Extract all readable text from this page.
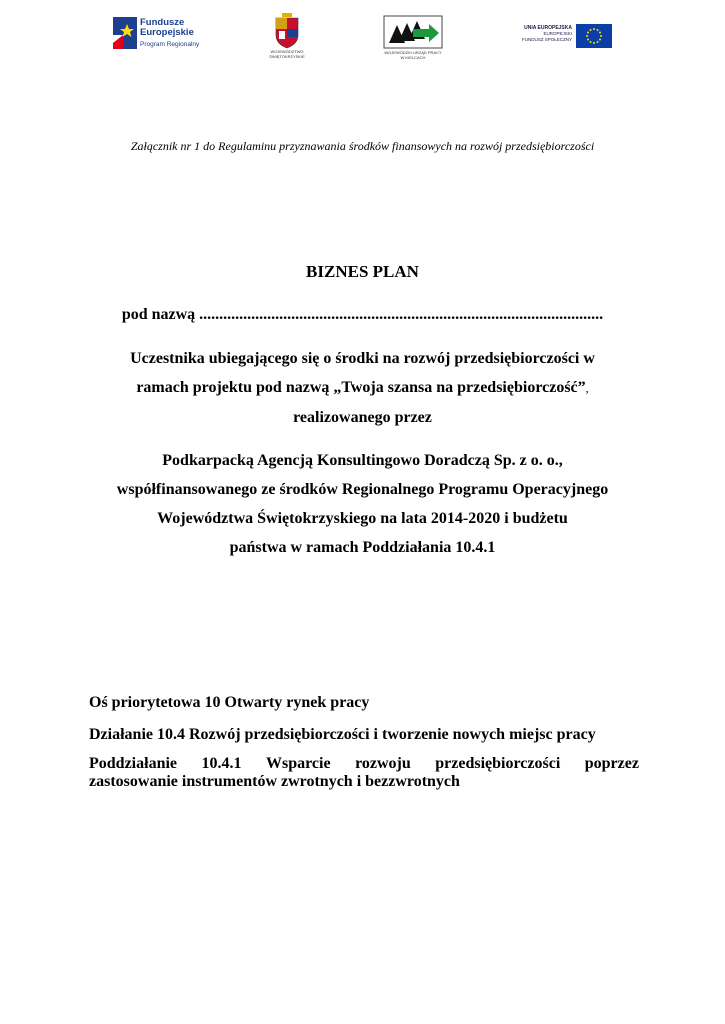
Fundusze
Europejskie
Program Regionalny
WOJEWÓDZTWO
ŚWIĘTOKRZYSKIE
WOJEWÓDZKI URZĄD PRACY
W KIELCACH
UNIA EUROPEJSKA
EUROPEJSKI
FUNDUSZ SPOŁECZNY
Załącznik nr 1 do Regulaminu przyznawania środków finansowych na rozwój przedsiębiorczości
BIZNES PLAN
pod nazwą .....................................................................................................
Uczestnika ubiegającego się o środki na rozwój przedsiębiorczości w
ramach projektu pod nazwą „Twoja szansa na przedsiębiorczość”,
realizowanego przez
Podkarpacką Agencją Konsultingowo Doradczą Sp. z o. o.,
współfinansowanego ze środków Regionalnego Programu Operacyjnego
Województwa Świętokrzyskiego na lata 2014-2020 i budżetu
państwa w ramach Poddziałania 10.4.1
Oś priorytetowa 10 Otwarty rynek pracy
Działanie 10.4 Rozwój przedsiębiorczości i tworzenie nowych miejsc pracy
Poddziałanie 10.4.1 Wsparcie rozwoju przedsiębiorczości poprzez
zastosowanie instrumentów zwrotnych i bezzwrotnych
